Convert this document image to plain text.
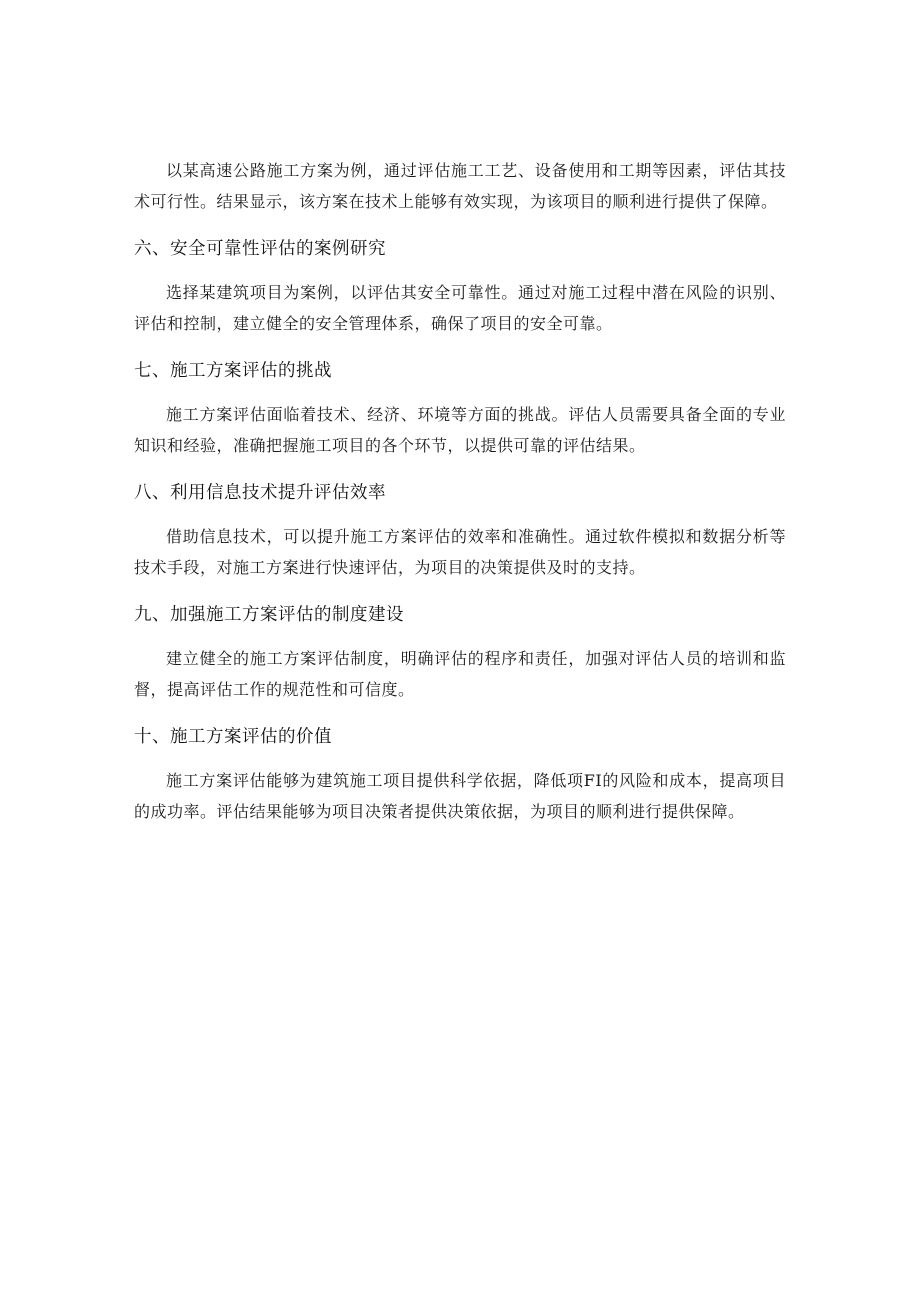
以某高速公路施工方案为例，通过评估施工工艺、设备使用和工期等因素，评估其技术可行性。结果显示，该方案在技术上能够有效实现，为该项目的顺利进行提供了保障。

六、安全可靠性评估的案例研究

选择某建筑项目为案例，以评估其安全可靠性。通过对施工过程中潜在风险的识别、评估和控制，建立健全的安全管理体系，确保了项目的安全可靠。

七、施工方案评估的挑战

施工方案评估面临着技术、经济、环境等方面的挑战。评估人员需要具备全面的专业知识和经验，准确把握施工项目的各个环节，以提供可靠的评估结果。

八、利用信息技术提升评估效率

借助信息技术，可以提升施工方案评估的效率和准确性。通过软件模拟和数据分析等技术手段，对施工方案进行快速评估，为项目的决策提供及时的支持。

九、加强施工方案评估的制度建设

建立健全的施工方案评估制度，明确评估的程序和责任，加强对评估人员的培训和监督，提高评估工作的规范性和可信度。

十、施工方案评估的价值

施工方案评估能够为建筑施工项目提供科学依据，降低项FI的风险和成本，提高项目的成功率。评估结果能够为项目决策者提供决策依据，为项目的顺利进行提供保障。
